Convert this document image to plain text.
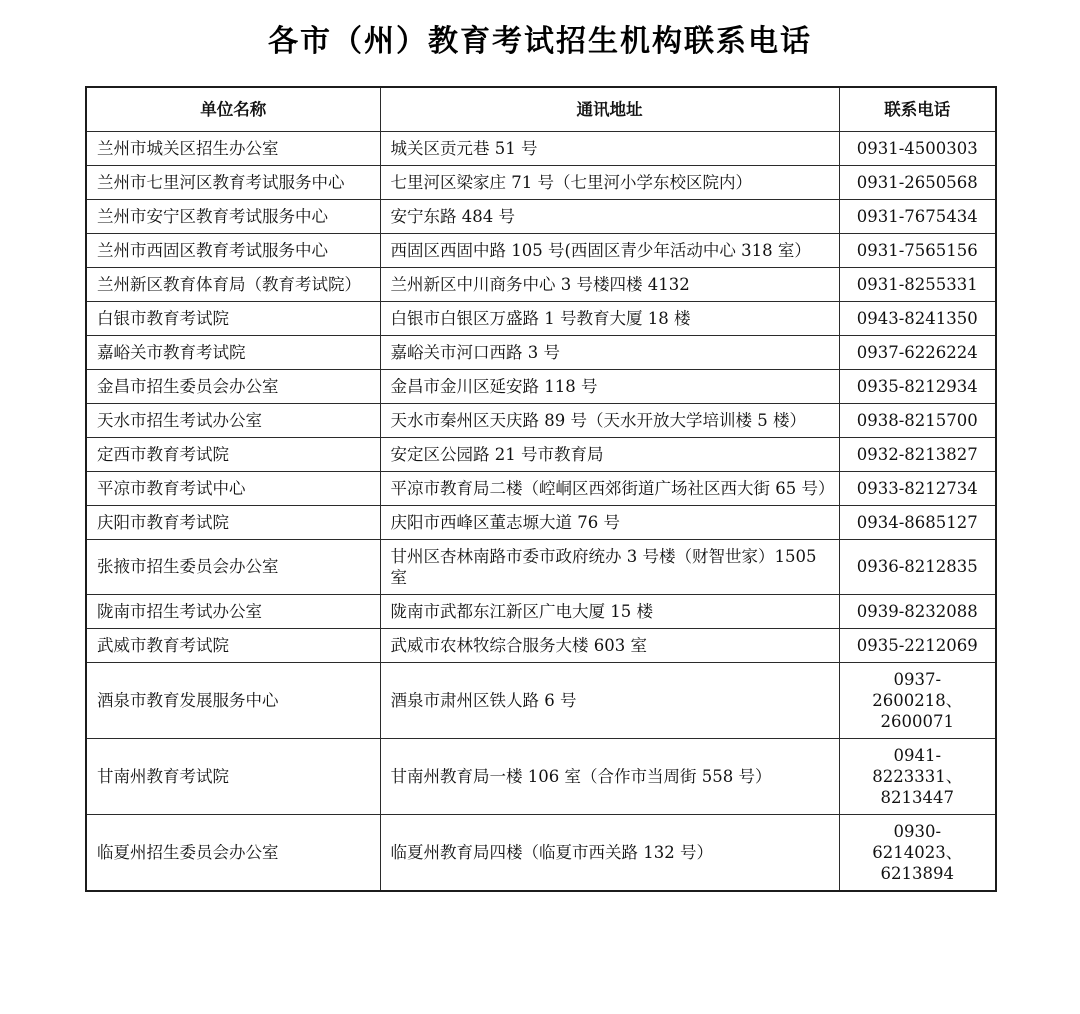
各市（州）教育考试招生机构联系电话
单位名称	通讯地址	联系电话
兰州市城关区招生办公室	城关区贡元巷 51 号	0931-4500303
兰州市七里河区教育考试服务中心	七里河区梁家庄 71 号（七里河小学东校区院内）	0931-2650568
兰州市安宁区教育考试服务中心	安宁东路 484 号	0931-7675434
兰州市西固区教育考试服务中心	西固区西固中路 105 号(西固区青少年活动中心 318 室）	0931-7565156
兰州新区教育体育局（教育考试院）	兰州新区中川商务中心 3 号楼四楼 4132	0931-8255331
白银市教育考试院	白银市白银区万盛路 1 号教育大厦 18 楼	0943-8241350
嘉峪关市教育考试院	嘉峪关市河口西路 3 号	0937-6226224
金昌市招生委员会办公室	金昌市金川区延安路 118 号	0935-8212934
天水市招生考试办公室	天水市秦州区天庆路 89 号（天水开放大学培训楼 5 楼）	0938-8215700
定西市教育考试院	安定区公园路 21 号市教育局	0932-8213827
平凉市教育考试中心	平凉市教育局二楼（崆峒区西郊街道广场社区西大街 65 号）	0933-8212734
庆阳市教育考试院	庆阳市西峰区董志塬大道 76 号	0934-8685127
张掖市招生委员会办公室	甘州区杏林南路市委市政府统办 3 号楼（财智世家）1505 室	0936-8212835
陇南市招生考试办公室	陇南市武都东江新区广电大厦 15 楼	0939-8232088
武威市教育考试院	武威市农林牧综合服务大楼 603 室	0935-2212069
酒泉市教育发展服务中心	酒泉市肃州区铁人路 6 号	0937-2600218、2600071
甘南州教育考试院	甘南州教育局一楼 106 室（合作市当周街 558 号）	0941-8223331、8213447
临夏州招生委员会办公室	临夏州教育局四楼（临夏市西关路 132 号）	0930-6214023、6213894
